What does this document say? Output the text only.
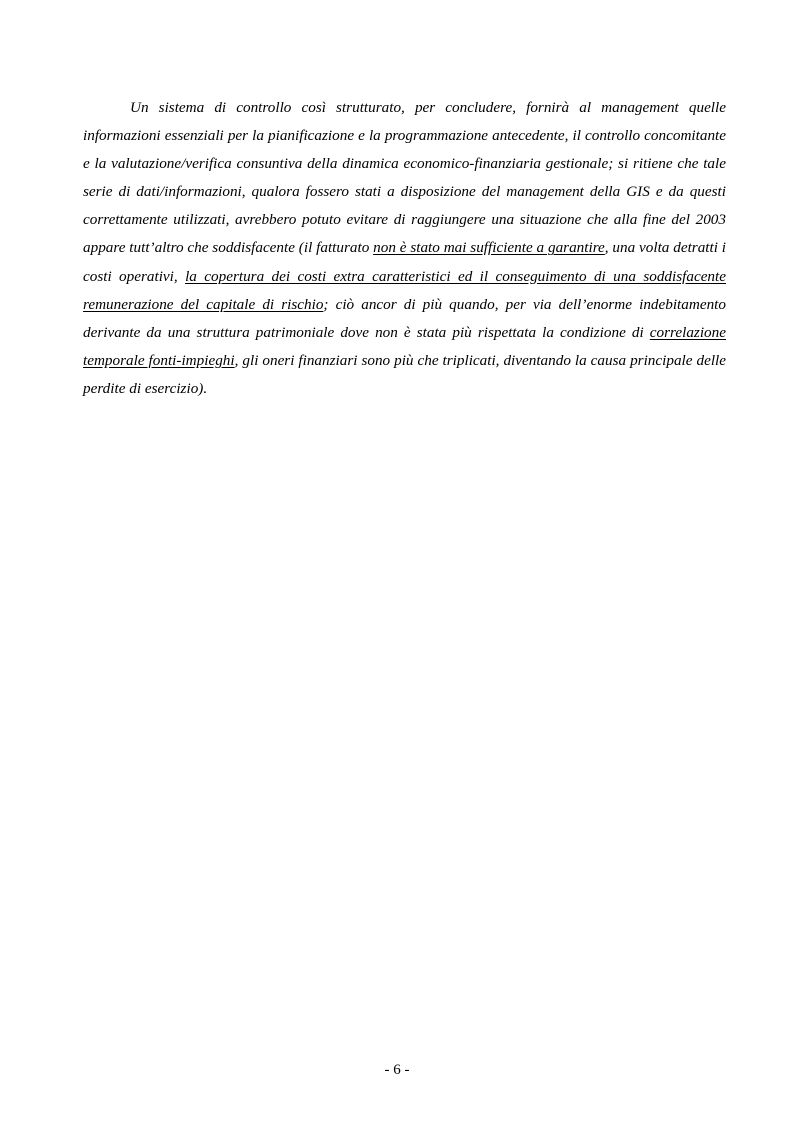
Un sistema di controllo così strutturato, per concludere, fornirà al management quelle informazioni essenziali per la pianificazione e la programmazione antecedente, il controllo concomitante e la valutazione/verifica consuntiva della dinamica economico-finanziaria gestionale; si ritiene che tale serie di dati/informazioni, qualora fossero stati a disposizione del management della GIS e da questi correttamente utilizzati, avrebbero potuto evitare di raggiungere una situazione che alla fine del 2003 appare tutt’altro che soddisfacente (il fatturato non è stato mai sufficiente a garantire, una volta detratti i costi operativi, la copertura dei costi extra caratteristici ed il conseguimento di una soddisfacente remunerazione del capitale di rischio; ciò ancor di più quando, per via dell’enorme indebitamento derivante da una struttura patrimoniale dove non è stata più rispettata la condizione di correlazione temporale fonti-impieghi, gli oneri finanziari sono più che triplicati, diventando la causa principale delle perdite di esercizio).

- 6 -
